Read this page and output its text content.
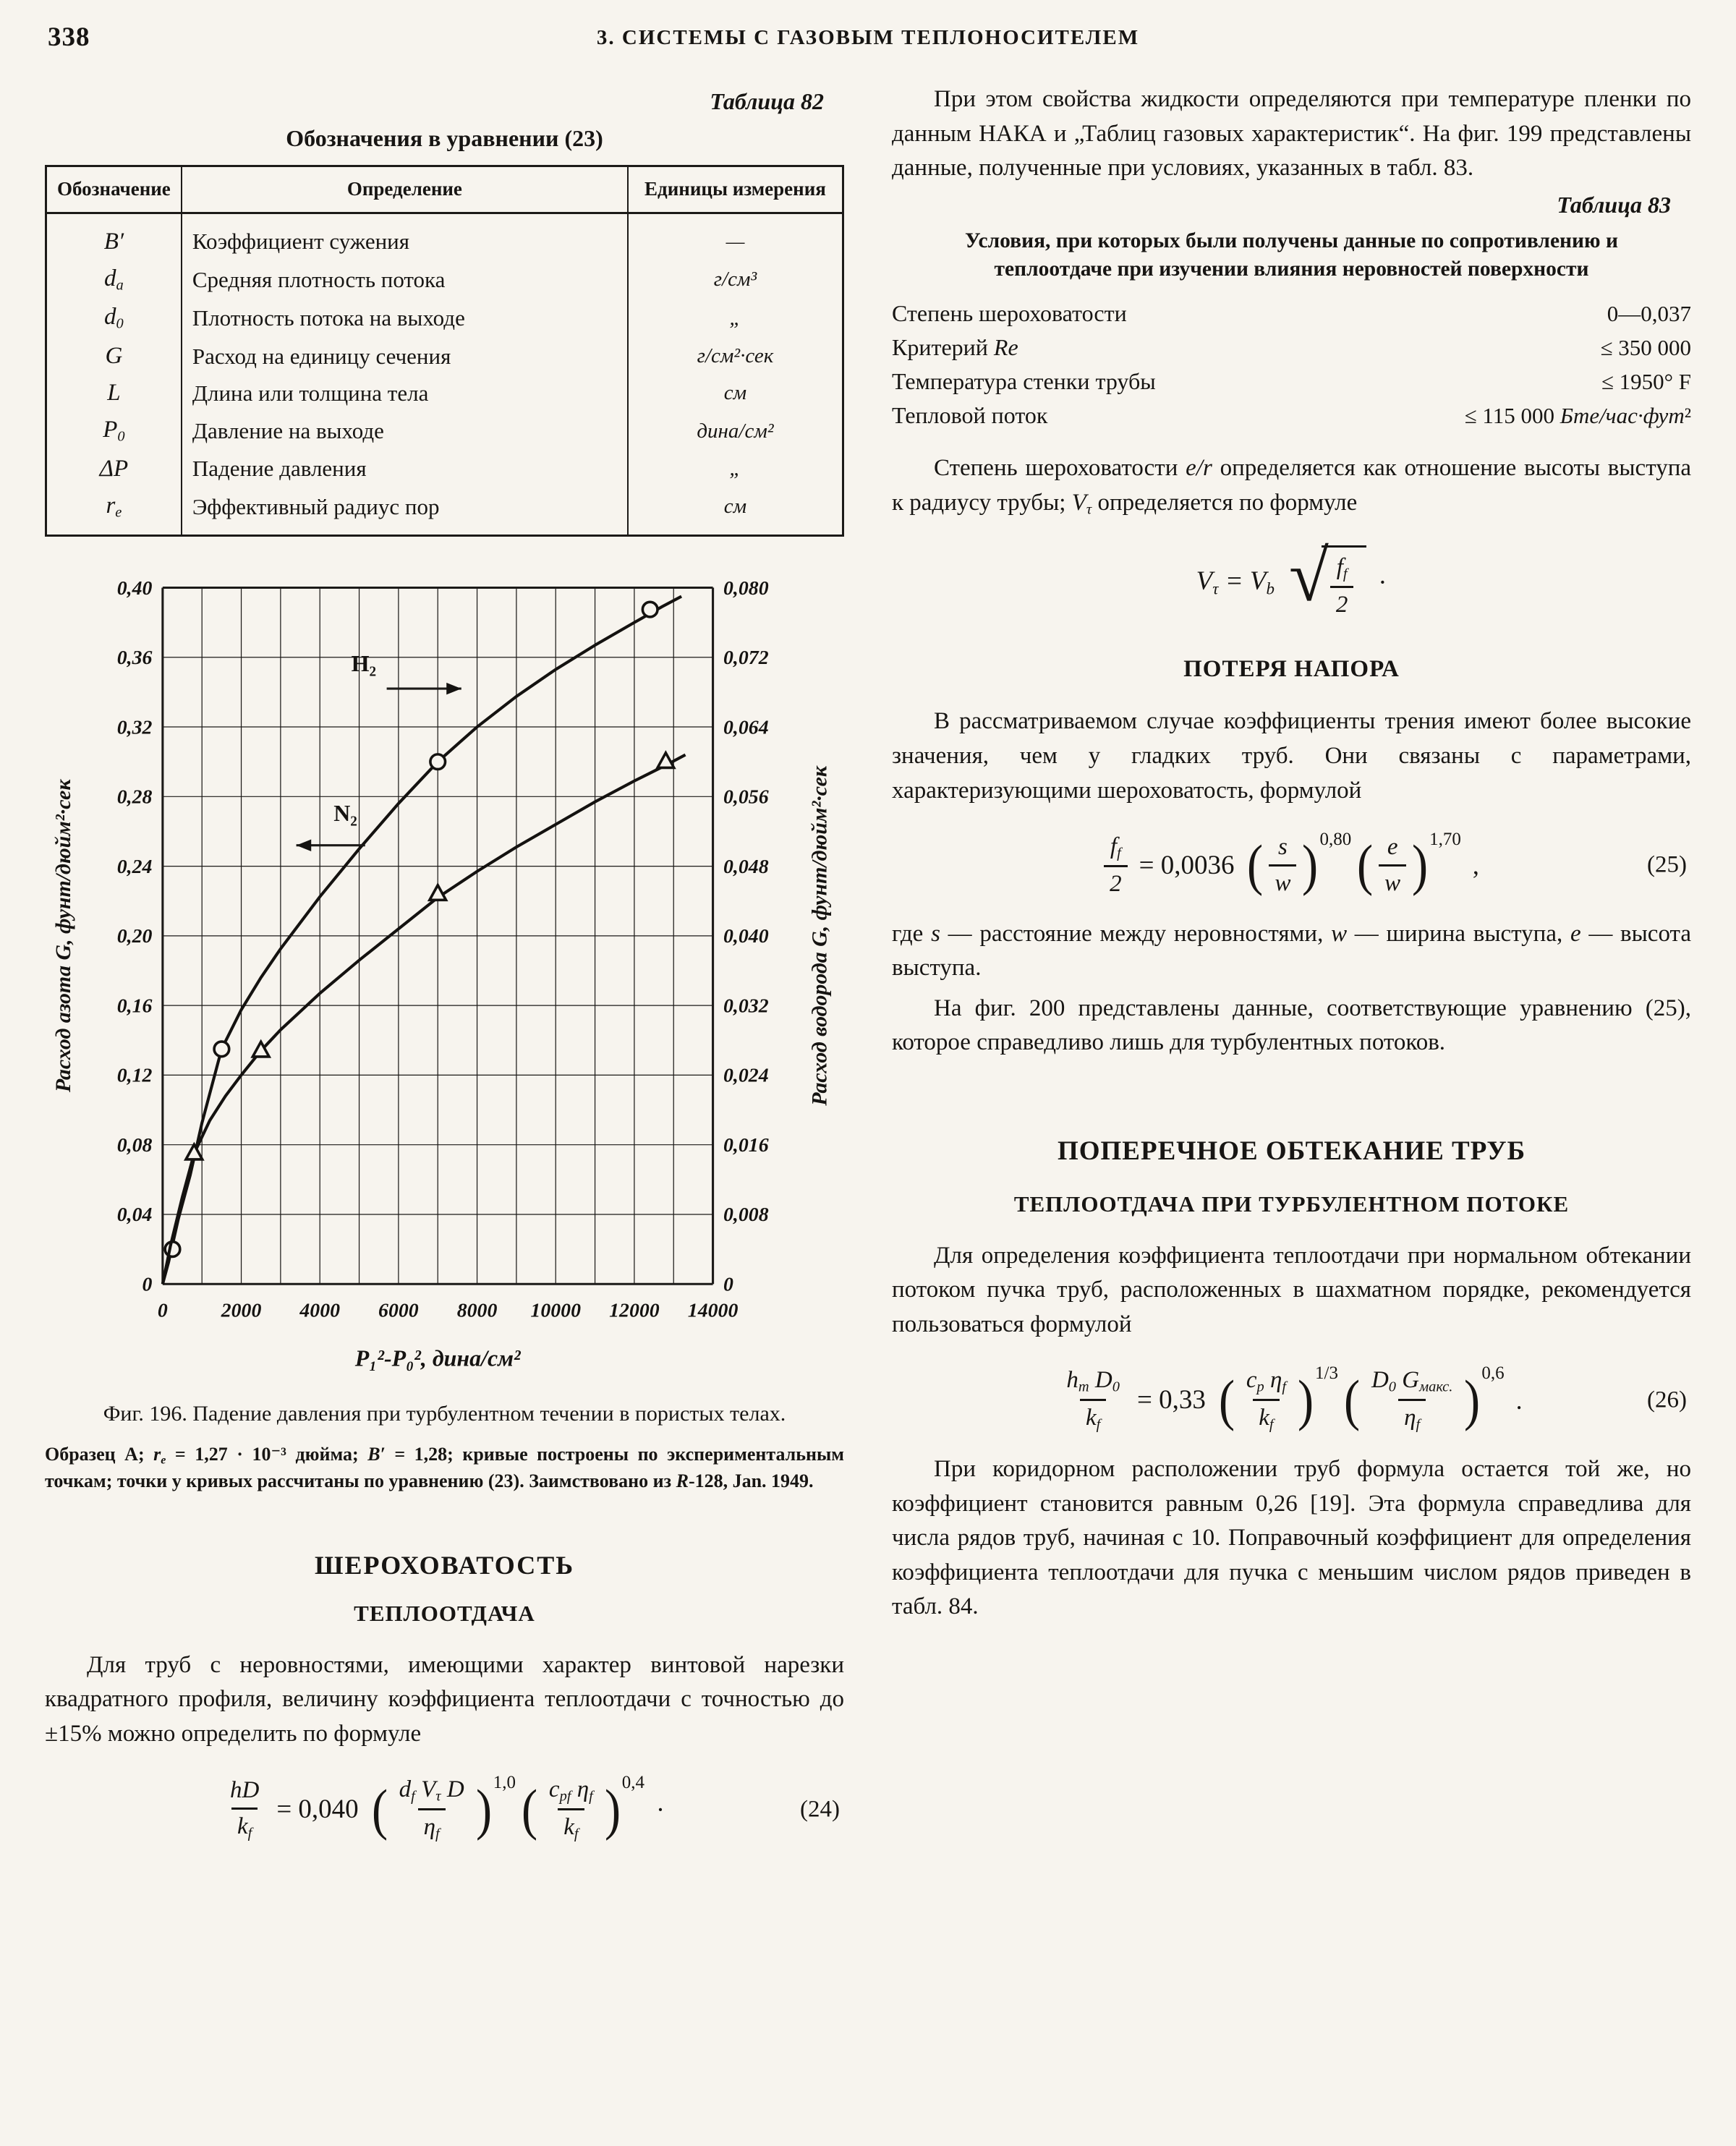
338	3. СИСТЕМЫ С ГАЗОВЫМ ТЕПЛОНОСИТЕЛЕМ
Таблица 82
Обозначения в уравнении (23)
Обозначение	Определение	Единицы измерения
B′	Коэффициент сужения	—
$d_a$	Средняя плотность потока	г/см³
$d_0$	Плотность потока на выходе	„
G	Расход на единицу сечения	г/см²·сек
L	Длина или толщина тела	см
$P_0$	Давление на выходе	дина/см²
ΔP	Падение давления	„
$r_e$	Эффективный радиус пор	см
0
0,04
0,08
0,12
0,16
0,20
0,24
0,28
0,32
0,36
0,40
0
0,008
0,016
0,024
0,032
0,040
0,048
0,056
0,064
0,072
0,080
0	2000 4000 6000 8000 10000 12000 14000
Расход азота G, фунт/дюйм²·сек	Расход водорода G, фунт/дюйм²·сек
P₁²-P₀², дина/см²
H₂
N₂
Фиг. 196. Падение давления при турбулентном течении в пористых телах.
Образец A; $r_e = 1,27 \cdot 10^{-3}$ дюйма; B′ = 1,28; кривые построены по экспериментальным точкам; точки у кривых рассчитаны по уравнению (23). Заимствовано из R-128, Jan. 1949.
ШЕРОХОВАТОСТЬ
ТЕПЛООТДАЧА

Для труб с неровностями, имеющими характер винтовой нарезки квадратного профиля, величину коэффициента теплоотдачи с точностью до ±15% можно определить по формуле

$\frac{hD}{k_f} = 0,040$ ( $\frac{d_f V_\tau D}{\eta_f}$ ) 1,0 ( $\frac{c_{pf} \eta_f}{k_f}$ ) 0,4
·	(24)

При этом свойства жидкости определяются при температуре пленки по данным НАКА и „Таблиц газовых характеристик“. На фиг. 199 представлены данные, полученные при условиях, указанных в табл. 83.

Таблица 83
Условия, при которых были получены данные по сопротивлению и теплоотдаче при изучении влияния неровностей поверхности
Степень шероховатости	0—0,037
Критерий Re	≤ 350 000
Температура стенки трубы	≤ 1950° F
Тепловой поток	≤ 115 000 Бте/час·фут²

Степень шероховатости e/r определяется как отношение высоты выступа к радиусу трубы; $V_\tau$ определяется по формуле

$V_\tau = V_b$ √ $\frac{f_f}{2}$ ·
ПОТЕРЯ НАПОРА

В рассматриваемом случае коэффициенты трения имеют более высокие значения, чем у гладких труб. Они связаны с параметрами, характеризующими шероховатость, формулой

$\frac{f_f}{2} = 0,0036$ ( $\frac{s}{w}$ ) 0,80 ( $\frac{e}{w}$ ) 1,70
,	(25)

где s — расстояние между неровностями, w — ширина выступа, e — высота выступа.

На фиг. 200 представлены данные, соответствующие уравнению (25), которое справедливо лишь для турбулентных потоков.

ПОПЕРЕЧНОЕ ОБТЕКАНИЕ ТРУБ
ТЕПЛООТДАЧА ПРИ ТУРБУЛЕНТНОМ ПОТОКЕ

Для определения коэффициента теплоотдачи при нормальном обтекании потоком пучка труб, расположенных в шахматном порядке, рекомендуется пользоваться формулой

$\frac{h_m D_0}{k_f} = 0,33$ ( $\frac{c_p \eta_f}{k_f}$ ) 1/3 ( $\frac{D_0 G_{макс.}}{\eta_f}$ ) 0,6
.	(26)

При коридорном расположении труб формула остается той же, но коэффициент становится равным 0,26 [19]. Эта формула справедлива для числа рядов труб, начиная с 10. Поправочный коэффициент для определения коэффициента теплоотдачи для пучка с меньшим числом рядов приведен в табл. 84.
